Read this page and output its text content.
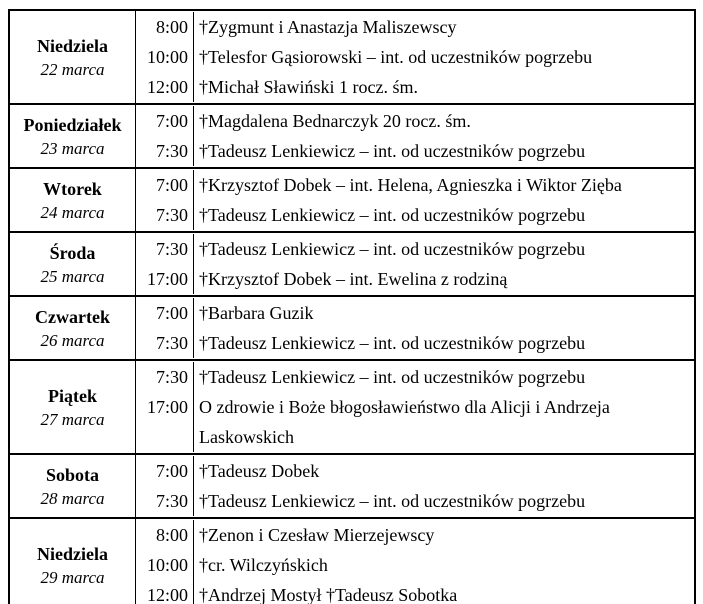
Niedziela
22 marca
8:00 †Zygmunt i Anastazja Maliszewscy
10:00 †Telesfor Gąsiorowski – int. od uczestników pogrzebu
12:00 †Michał Sławiński 1 rocz. śm.
Poniedziałek
23 marca
7:00 †Magdalena Bednarczyk 20 rocz. śm.
7:30 †Tadeusz Lenkiewicz – int. od uczestników pogrzebu
Wtorek
24 marca
7:00 †Krzysztof Dobek – int. Helena, Agnieszka i Wiktor Zięba
7:30 †Tadeusz Lenkiewicz – int. od uczestników pogrzebu
Środa
25 marca
7:30 †Tadeusz Lenkiewicz – int. od uczestników pogrzebu
17:00 †Krzysztof Dobek – int. Ewelina z rodziną
Czwartek
26 marca
7:00 †Barbara Guzik
7:30 †Tadeusz Lenkiewicz – int. od uczestników pogrzebu
Piątek
27 marca
7:30 †Tadeusz Lenkiewicz – int. od uczestników pogrzebu
17:00 O zdrowie i Boże błogosławieństwo dla Alicji i Andrzeja Laskowskich
Sobota
28 marca
7:00 †Tadeusz Dobek
7:30 †Tadeusz Lenkiewicz – int. od uczestników pogrzebu
Niedziela
29 marca
8:00 †Zenon i Czesław Mierzejewscy
10:00 †cr. Wilczyńskich
12:00 †Andrzej Mostył †Tadeusz Sobotka
